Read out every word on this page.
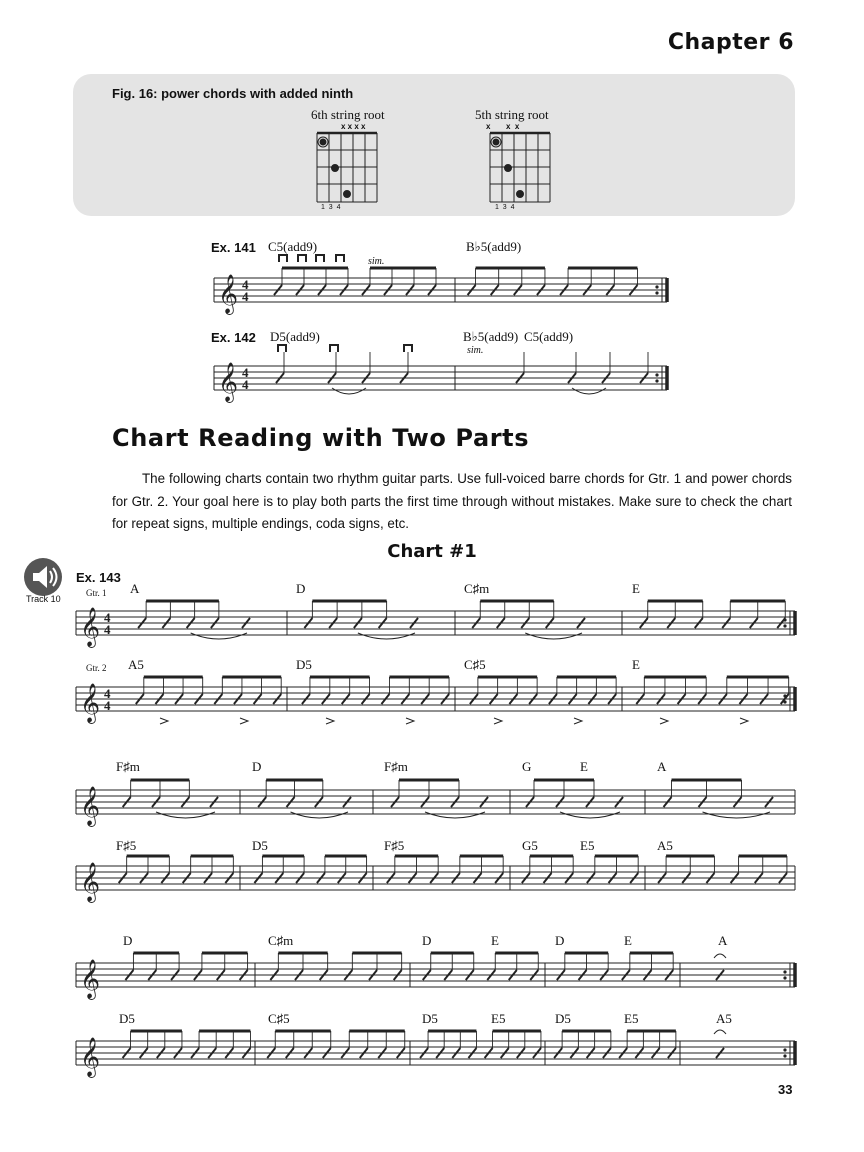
Chapter 6
Fig. 16: power chords with added ninth
6th string root
x x x x
5th string root
x       x  x
1  3  4	1  3  4
Ex. 141 C5(add9)	B♭5(add9)
sim.
Ex. 142 D5(add9)	B♭5(add9) C5(add9)
sim.
Chart Reading with Two Parts
The following charts contain two rhythm guitar parts. Use full-voiced barre chords for Gtr. 1 and power chords for Gtr. 2. Your goal here is to play both parts the first time through without mistakes. Make sure to check the chart for repeat signs, multiple endings, coda signs, etc.
Chart #1
Track 10
Ex. 143
Gtr. 1
Gtr. 2
A	D	C♯m	E
A5	D5	C♯5	E
F♯m	D	F♯m	G	E	A
F♯5	D5	F♯5	G5	E5	A5
D	C♯m	D	E	D	E	A
D5	C♯5	D5	E5	D5	E5	A5
33
𝄞 4
4
𝄞 4
4
𝄞 4
4
𝄞 4
4
𝄞
𝄞
𝄞
𝄞
